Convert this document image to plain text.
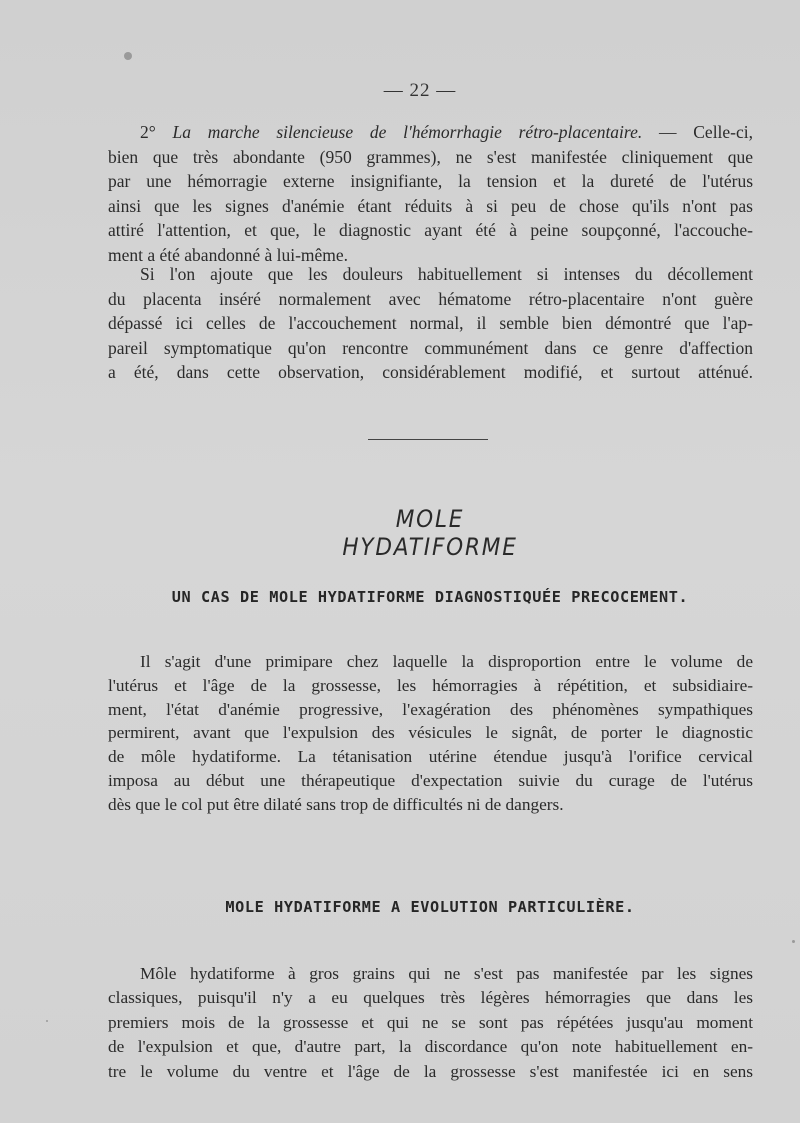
— 22 —
2° La marche silencieuse de l'hémorrhagie rétro-placentaire. — Celle-ci,
bien que très abondante (950 grammes), ne s'est manifestée cliniquement que
par une hémorragie externe insignifiante, la tension et la dureté de l'utérus
ainsi que les signes d'anémie étant réduits à si peu de chose qu'ils n'ont pas
attiré l'attention, et que, le diagnostic ayant été à peine soupçonné, l'accouche-
ment a été abandonné à lui-même.
Si l'on ajoute que les douleurs habituellement si intenses du décollement
du placenta inséré normalement avec hématome rétro-placentaire n'ont guère
dépassé ici celles de l'accouchement normal, il semble bien démontré que l'ap-
pareil symptomatique qu'on rencontre communément dans ce genre d'affection
a été, dans cette observation, considérablement modifié, et surtout atténué.
MOLE HYDATIFORME
UN CAS DE MOLE HYDATIFORME DIAGNOSTIQUÉE PRECOCEMENT.
Il s'agit d'une primipare chez laquelle la disproportion entre le volume de
l'utérus et l'âge de la grossesse, les hémorragies à répétition, et subsidiaire-
ment, l'état d'anémie progressive, l'exagération des phénomènes sympathiques
permirent, avant que l'expulsion des vésicules le signât, de porter le diagnostic
de môle hydatiforme. La tétanisation utérine étendue jusqu'à l'orifice cervical
imposa au début une thérapeutique d'expectation suivie du curage de l'utérus
dès que le col put être dilaté sans trop de difficultés ni de dangers.
MOLE HYDATIFORME A EVOLUTION PARTICULIÈRE.
Môle hydatiforme à gros grains qui ne s'est pas manifestée par les signes
classiques, puisqu'il n'y a eu quelques très légères hémorragies que dans les
premiers mois de la grossesse et qui ne se sont pas répétées jusqu'au moment
de l'expulsion et que, d'autre part, la discordance qu'on note habituellement en-
tre le volume du ventre et l'âge de la grossesse s'est manifestée ici en sens
